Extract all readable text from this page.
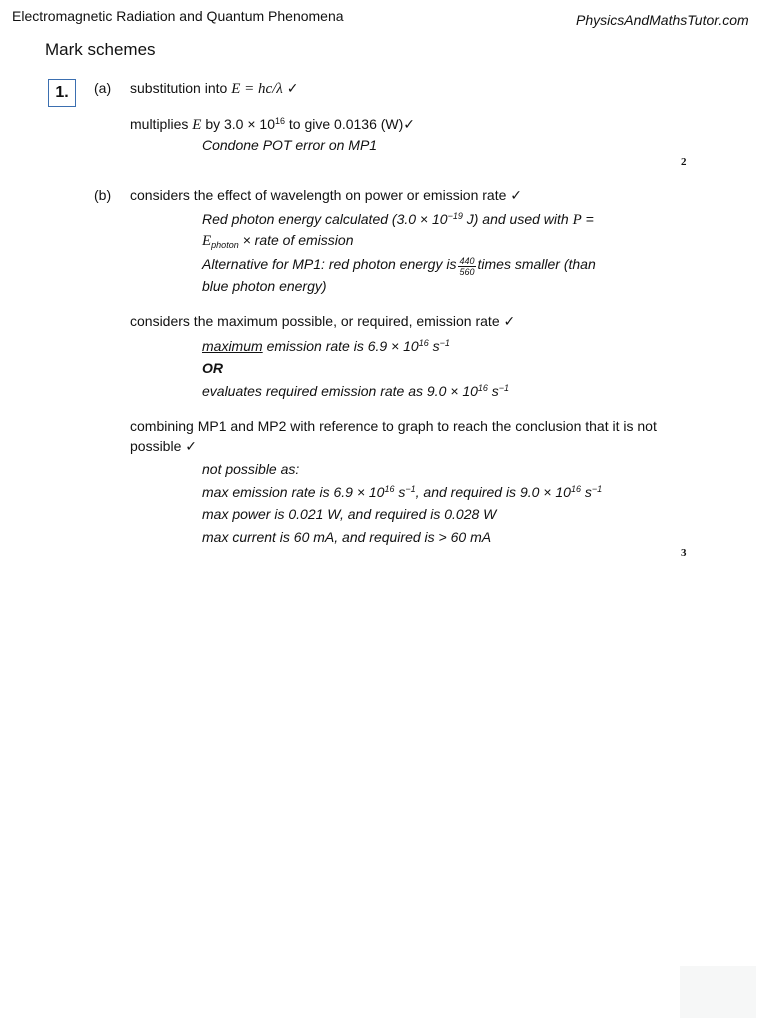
Electromagnetic Radiation and Quantum Phenomena	PhysicsAndMathsTutor.com
Mark schemes
1.	(a) substitution into E = hc/λ ✓
multiplies E by $3.0 \times 10^{16}$ to give 0.0136 (W)✓
Condone POT error on MP1
2
(b) considers the effect of wavelength on power or emission rate ✓
Red photon energy calculated ($3.0 \times 10^{-19}$ J) and used with P =
$E_{photon}$ × rate of emission
Alternative for MP1: red photon energy is $\frac{440}{560}$ times smaller (than
blue photon energy)
considers the maximum possible, or required, emission rate ✓
maximum emission rate is $6.9 \times 10^{16}$ $s^{-1}$
OR
evaluates required emission rate as $9.0 \times 10^{16}$ $s^{-1}$
combining MP1 and MP2 with reference to graph to reach the conclusion that it is not
possible ✓
not possible as:
max emission rate is $6.9 \times 10^{16}$ $s^{-1}$, and required is $9.0 \times 10^{16}$ $s^{-1}$
max power is 0.021 W, and required is 0.028 W
max current is 60 mA, and required is > 60 mA
3
